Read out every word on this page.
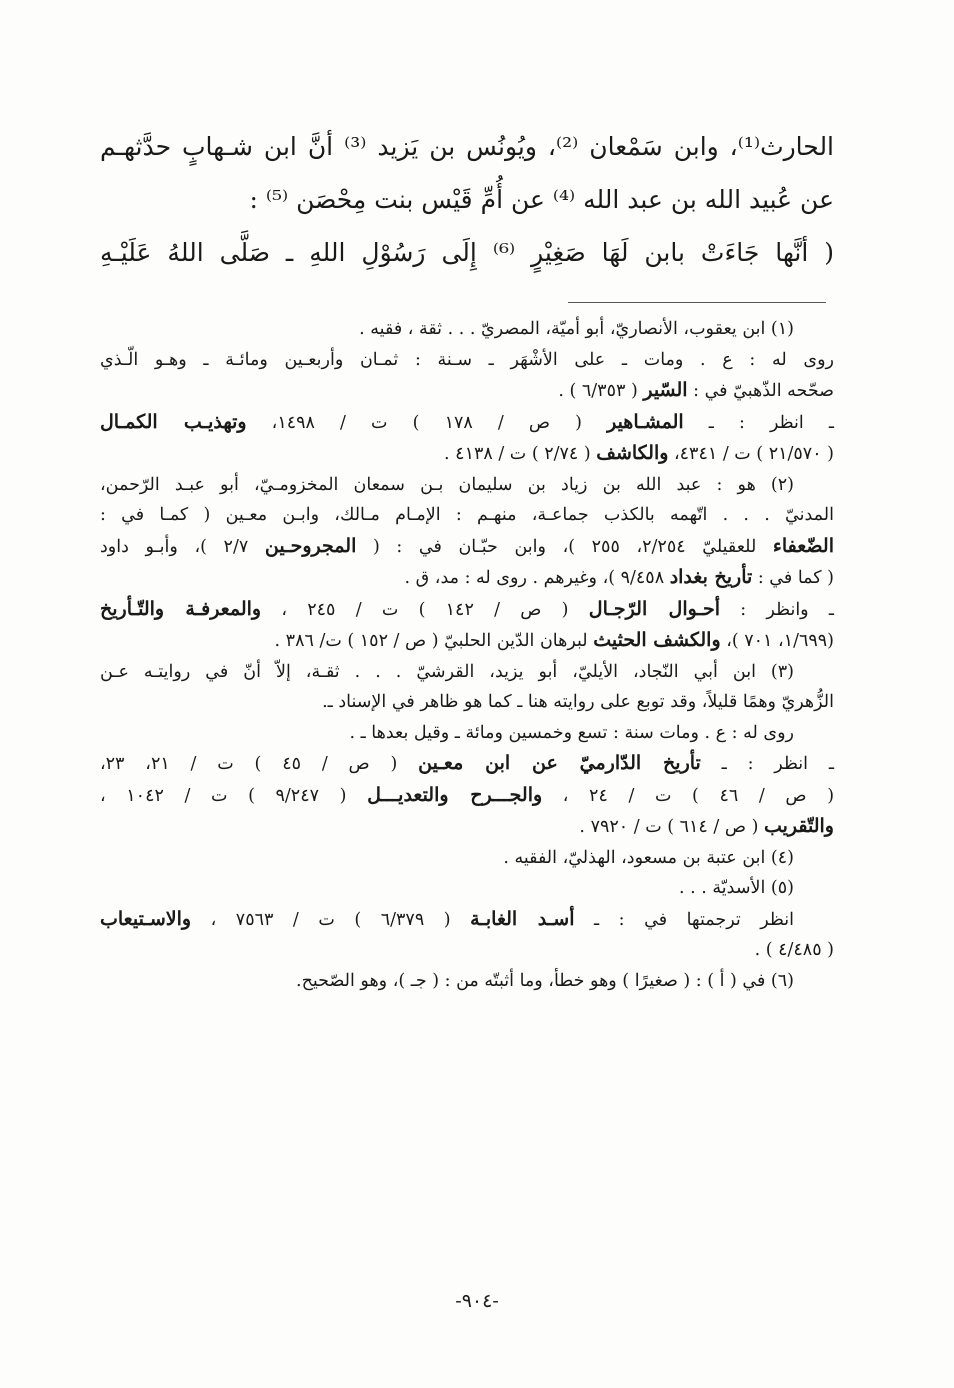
الحارث⁽¹⁾، وابن سَمْعان ⁽²⁾، ويُونُس بن يَزيد ⁽³⁾ أنَّ ابن شـهابٍ حدَّثهـم
عن عُبيد الله بن عبد الله ⁽⁴⁾ عن أُمِّ قَيْس بنت مِحْصَن ⁽⁵⁾ :
( أنَّها جَاءَتْ بابن لَهَا صَغِيْرٍ ⁽⁶⁾ إِلَى رَسُوْلِ اللهِ ـ صَلَّى اللهُ عَلَيْـهِ
(١) ابن يعقوب، الأنصاريّ، أبو أميّة، المصريّ . . . ثقة ، فقيه .
روى له : ع . ومات ـ على الأشْهَر ـ سـنة : ثمـان وأربعـين ومائـة ـ وهـو الّـذي
صحّحه الذّهبيّ في : السّير ( ٦/٣٥٣ ) .
ـ انظر : ـ المشـاهير ( ص / ١٧٨ ) ت / ١٤٩٨، وتهذيـب الكمـال
( ٢١/٥٧٠ ) ت / ٤٣٤١، والكاشف ( ٢/٧٤ ) ت / ٤١٣٨ .
(٢) هو : عبد الله بن زياد بن سليمان بـن سمعان المخزومـيّ، أبو عبـد الرّحمن،
المدنيّ . . . اتّهمه بالكذب جماعـة، منهـم : الإمـام مـالك، وابـن معـين ( كمـا في :
الضّعفاء للعقيليّ ٢/٢٥٤، ٢٥٥ )، وابن حبّـان في : ( المجروحـين ٢/٧ )، وأبـو داود
( كما في : تأريخ بغداد ٩/٤٥٨ )، وغيرهم . روى له : مد، ق .
ـ وانظر : أحـوال الرّجـال ( ص / ١٤٢ ) ت / ٢٤٥ ، والمعرفـة والتّـأريخ
(١/٦٩٩، ٧٠١ )، والكشف الحثيث لبرهان الدّين الحلبيّ ( ص / ١٥٢ ) ت/ ٣٨٦ .
(٣) ابن أبي النّجاد، الأيليّ، أبو يزيد، القرشيّ . . . ثقـة، إلاّ أنّ في روايتـه عـن
الزُّهريّ وهمًا قليلاً، وقد توبع على روايته هنا ـ كما هو ظاهر في الإسناد ـ.
روى له : ع . ومات سنة : تسع وخمسين ومائة ـ وقيل بعدها ـ .
ـ انظر : ـ تأريخ الدّارميّ عن ابن معـين ( ص / ٤٥ ) ت / ٢١، ٢٣،
( ص / ٤٦ ) ت / ٢٤ ، والجـــرح والتعديـــل ( ٩/٢٤٧ ) ت / ١٠٤٢ ،
والتّقريب ( ص / ٦١٤ ) ت / ٧٩٢٠ .
(٤) ابن عتبة بن مسعود، الهذليّ، الفقيه .
(٥) الأسديّة . . .
انظر ترجمتها في : ـ أسـد الغابـة ( ٦/٣٧٩ ) ت / ٧٥٦٣ ، والاسـتيعاب
( ٤/٤٨٥ ) .
(٦) في ( أ ) : ( صغيرًا ) وهو خطأ، وما أثبتّه من : ( جـ )، وهو الصّحيح.
-٩٠٤-
